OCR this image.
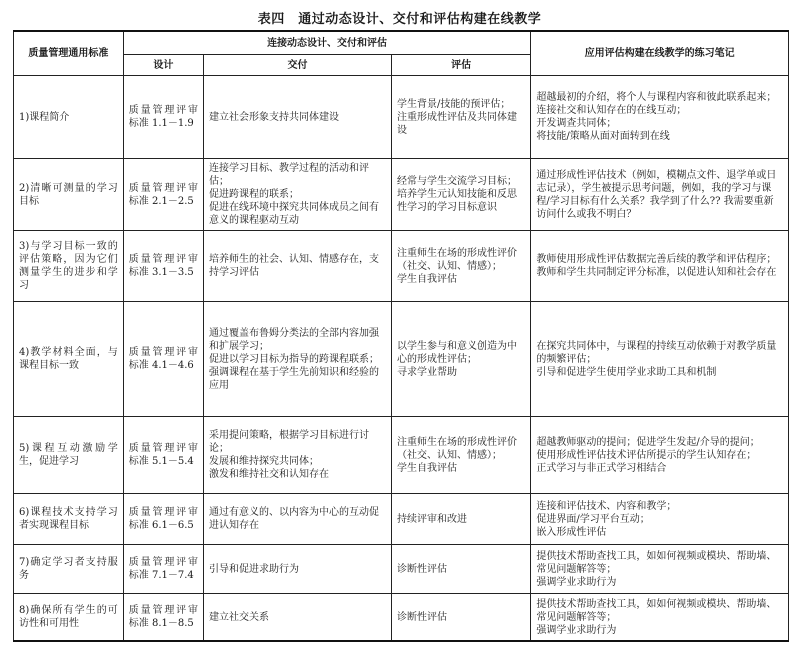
表四　通过动态设计、交付和评估构建在线教学
质量管理通用标准	连接动态设计、交付和评估			应用评估构建在线教学的练习笔记
	设计	交付	评估	
1)课程简介	质量管理评审标准 1.1－1.9	建立社会形象支持共同体建设	学生背景/技能的预评估；
注重形成性评估及共同体建设	超越最初的介绍，将个人与课程内容和彼此联系起来；
连接社交和认知存在的在线互动；
开发调查共同体；
将技能/策略从面对面转到在线

2)清晰可测量的学习目标	质量管理评审标准 2.1－2.5	连接学习目标、教学过程的活动和评估；
促进跨课程的联系；
促进在线环境中探究共同体成员之间有意义的课程驱动互动	经常与学生交流学习目标；
培养学生元认知技能和反思性学习的学习目标意识	通过形成性评估技术（例如，模糊点文件、退学单或日志记录），学生被提示思考问题，例如，我的学习与课程/学习目标有什么关系？我学到了什么?? 我需要重新访问什么或我不明白？

3)与学习目标一致的评估策略，因为它们测量学生的进步和学习	质量管理评审标准 3.1－3.5	培养师生的社会、认知、情感存在，支持学习评估	注重师生在场的形成性评价（社交、认知、情感）；
学生自我评估	教师使用形成性评估数据完善后续的教学和评估程序；
教师和学生共同制定评分标准，以促进认知和社会存在

4)教学材料全面，与课程目标一致	质量管理评审标准 4.1－4.6	通过覆盖布鲁姆分类法的全部内容加强和扩展学习；
促进以学习目标为指导的跨课程联系；
强调课程在基于学生先前知识和经验的应用	以学生参与和意义创造为中心的形成性评估；
寻求学业帮助	在探究共同体中，与课程的持续互动依赖于对教学质量的频繁评估；
引导和促进学生使用学业求助工具和机制

5)课程互动激励学生，促进学习	质量管理评审标准 5.1－5.4	采用提问策略，根据学习目标进行讨论；
发展和维持探究共同体；
激发和维持社交和认知存在	注重师生在场的形成性评价（社交、认知、情感）；
学生自我评估	超越教师驱动的提问；促进学生发起/介导的提问；
使用形成性评估技术评估所提示的学生认知存在；
正式学习与非正式学习相结合

6)课程技术支持学习者实现课程目标	质量管理评审标准 6.1－6.5	通过有意义的、以内容为中心的互动促进认知存在	持续评审和改进	连接和评估技术、内容和教学；
促进界面/学习平台互动；
嵌入形成性评估

7)确定学习者支持服务	质量管理评审标准 7.1－7.4	引导和促进求助行为	诊断性评估	提供技术帮助查找工具，如如何视频或模块、帮助墙、常见问题解答等；
强调学业求助行为

8)确保所有学生的可访性和可用性	质量管理评审标准 8.1－8.5	建立社交关系	诊断性评估	提供技术帮助查找工具，如如何视频或模块、帮助墙、常见问题解答等；
强调学业求助行为
